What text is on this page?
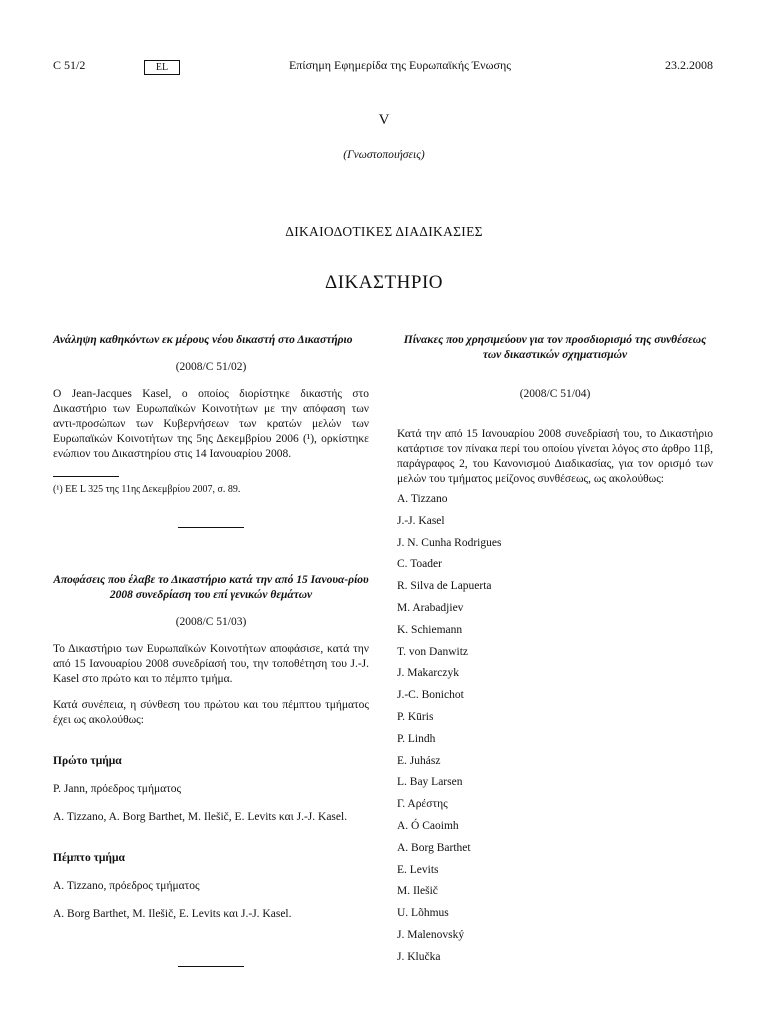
C 51/2	EL	Επίσημη Εφημερίδα της Ευρωπαϊκής Ένωσης	23.2.2008
V
(Γνωστοποιήσεις)
ΔΙΚΑΙΟΔΟΤΙΚΕΣ ΔΙΑΔΙΚΑΣΙΕΣ
ΔΙΚΑΣΤΗΡΙΟ
Ανάληψη καθηκόντων εκ μέρους νέου δικαστή στο Δικαστήριο
(2008/C 51/02)
Ο Jean-Jacques Kasel, ο οποίος διορίστηκε δικαστής στο Δικαστήριο των Ευρωπαϊκών Κοινοτήτων με την απόφαση των αντι-προσώπων των Κυβερνήσεων των κρατών μελών των Ευρωπαϊκών Κοινοτήτων της 5ης Δεκεμβρίου 2006 (¹), ορκίστηκε ενώπιον του Δικαστηρίου στις 14 Ιανουαρίου 2008.
(¹) ΕΕ L 325 της 11ης Δεκεμβρίου 2007, σ. 89.
Αποφάσεις που έλαβε το Δικαστήριο κατά την από 15 Ιανουα-ρίου 2008 συνεδρίαση του επί γενικών θεμάτων
(2008/C 51/03)
Το Δικαστήριο των Ευρωπαϊκών Κοινοτήτων αποφάσισε, κατά την από 15 Ιανουαρίου 2008 συνεδρίασή του, την τοποθέτηση του J.-J. Kasel στο πρώτο και το πέμπτο τμήμα.
Κατά συνέπεια, η σύνθεση του πρώτου και του πέμπτου τμήματος έχει ως ακολούθως:
Πρώτο τμήμα
P. Jann, πρόεδρος τμήματος
A. Tizzano, A. Borg Barthet, M. Ilešič, E. Levits και J.-J. Kasel.
Πέμπτο τμήμα
A. Tizzano, πρόεδρος τμήματος
A. Borg Barthet, M. Ilešič, E. Levits και J.-J. Kasel.
Πίνακες που χρησιμεύουν για τον προσδιορισμό της συνθέσεως των δικαστικών σχηματισμών
(2008/C 51/04)
Κατά την από 15 Ιανουαρίου 2008 συνεδρίασή του, το Δικαστήριο κατάρτισε τον πίνακα περί του οποίου γίνεται λόγος στο άρθρο 11β, παράγραφος 2, του Κανονισμού Διαδικασίας, για τον ορισμό των μελών του τμήματος μείζονος συνθέσεως, ως ακολούθως:
A. Tizzano
J.-J. Kasel
J. N. Cunha Rodrigues
C. Toader
R. Silva de Lapuerta
M. Arabadjiev
K. Schiemann
T. von Danwitz
J. Makarczyk
J.-C. Bonichot
P. Kūris
P. Lindh
E. Juhász
L. Bay Larsen
Γ. Αρέστης
A. Ó Caoimh
A. Borg Barthet
E. Levits
M. Ilešič
U. Lõhmus
J. Malenovský
J. Klučka
